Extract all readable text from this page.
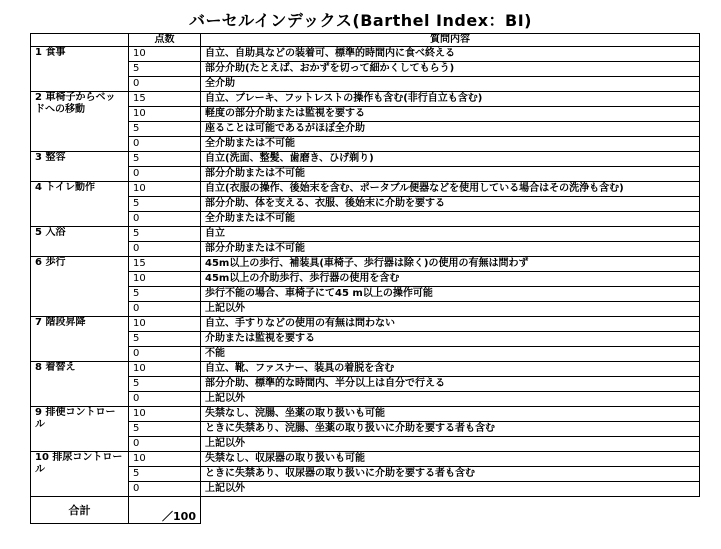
バーセルインデックス(Barthel Index：BI)
	点数	質問内容
1 食事	10	自立、自助具などの装着可、標準的時間内に食べ終える
	5	部分介助(たとえば、おかずを切って細かくしてもらう)
	0	全介助
2 車椅子からベッドへの移動	15	自立、ブレーキ、フットレストの操作も含む(非行自立も含む)
	10	軽度の部分介助または監視を要する
	5	座ることは可能であるがほぼ全介助
	0	全介助または不可能
3 整容	5	自立(洗面、整髪、歯磨き、ひげ剃り)
	0	部分介助または不可能
4 トイレ動作	10	自立(衣服の操作、後始末を含む、ポータブル便器などを使用している場合はその洗浄も含む)
	5	部分介助、体を支える、衣服、後始末に介助を要する
	0	全介助または不可能
5 入浴	5	自立
	0	部分介助または不可能
6 歩行	15	45m以上の歩行、補装具(車椅子、歩行器は除く)の使用の有無は問わず
	10	45m以上の介助歩行、歩行器の使用を含む
	5	歩行不能の場合、車椅子にて45 m以上の操作可能
	0	上記以外
7 階段昇降	10	自立、手すりなどの使用の有無は問わない
	5	介助または監視を要する
	0	不能
8 着替え	10	自立、靴、ファスナー、装具の着脱を含む
	5	部分介助、標準的な時間内、半分以上は自分で行える
	0	上記以外
9 排便コントロール	10	失禁なし、浣腸、坐薬の取り扱いも可能
	5	ときに失禁あり、浣腸、坐薬の取り扱いに介助を要する者も含む
	0	上記以外
10 排尿コントロール	10	失禁なし、収尿器の取り扱いも可能
	5	ときに失禁あり、収尿器の取り扱いに介助を要する者も含む
	0	上記以外
合計	／100	
